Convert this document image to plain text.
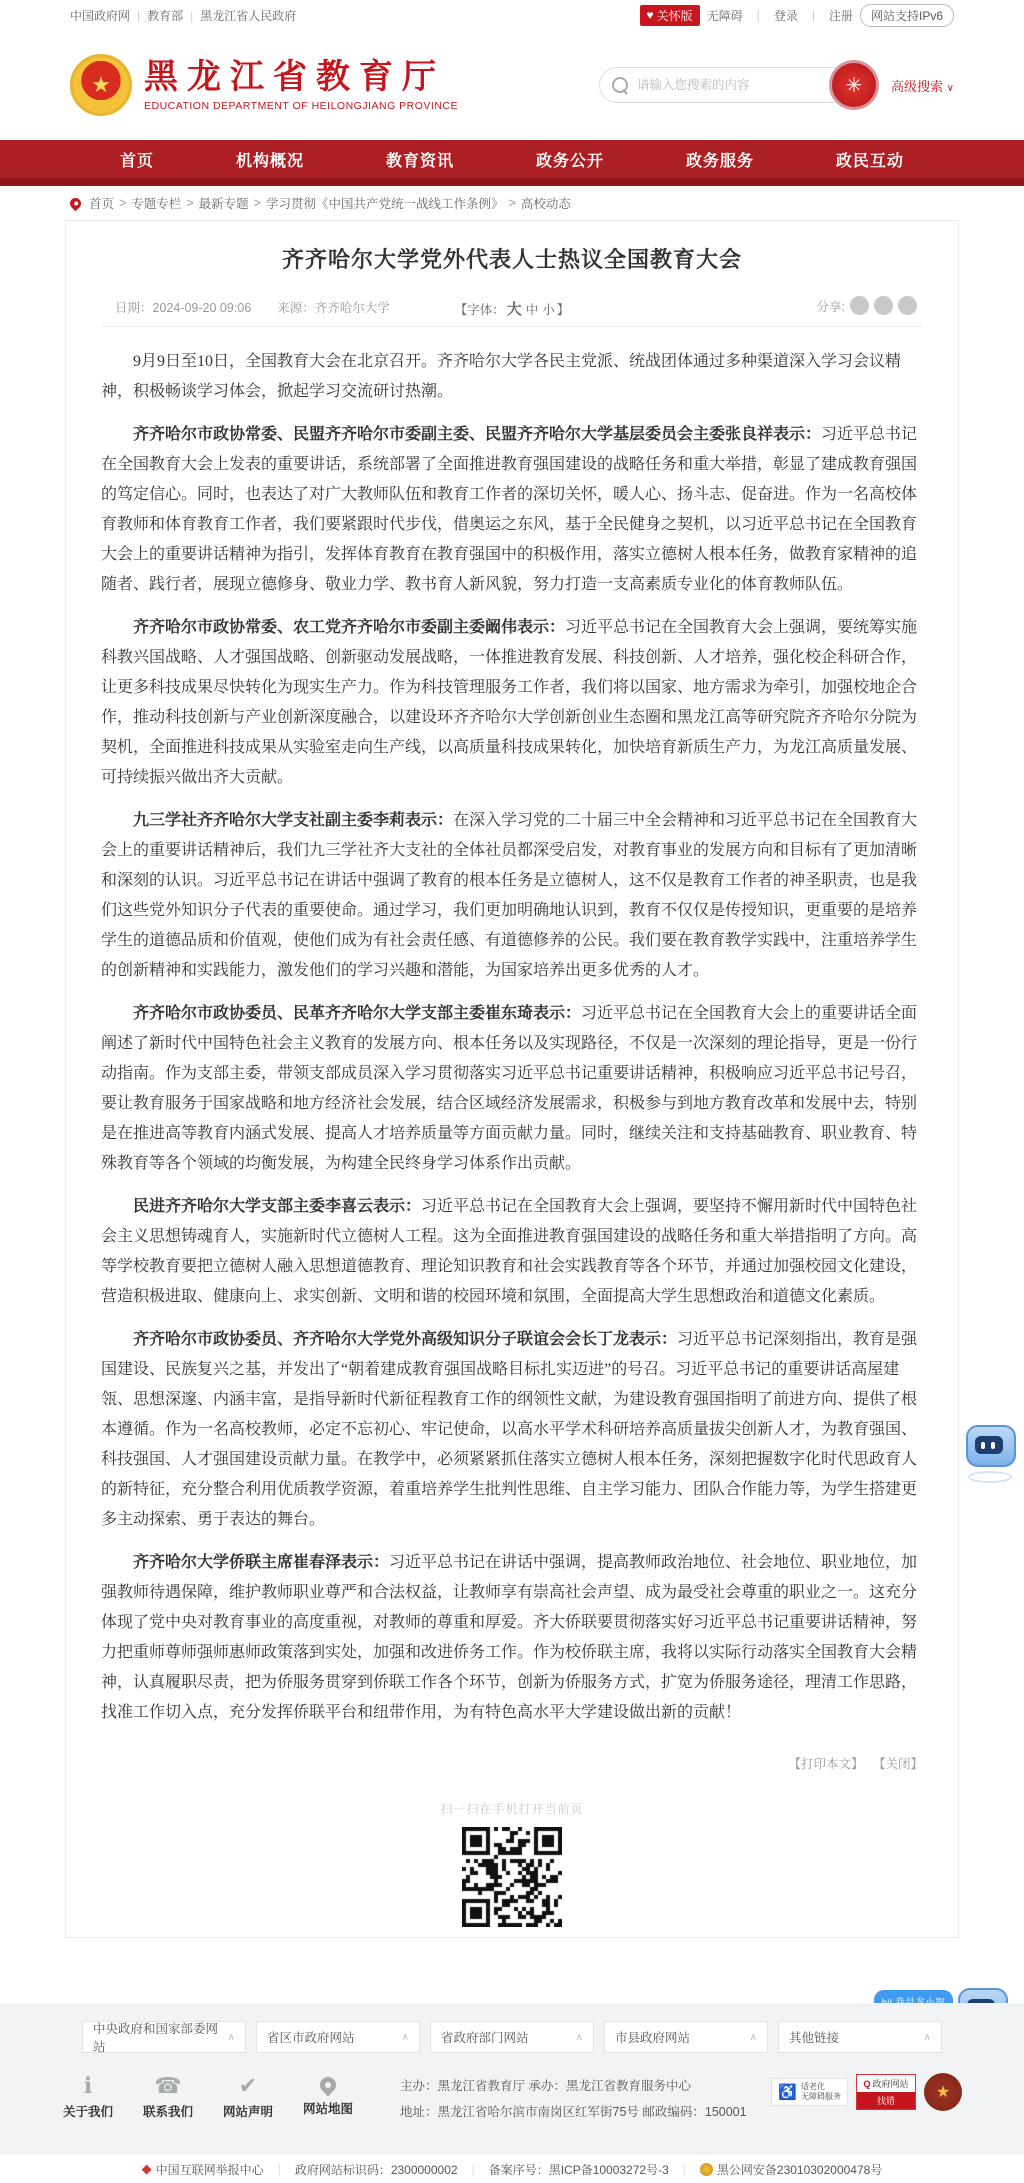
中国政府网 | 教育部 | 黑龙江省人民政府	♥ 关怀版 无障碍 | 登录 | 注册	网站支持IPv6
★ 黑龙江省教育厅
EDUCATION DEPARTMENT OF HEILONGJIANG PROVINCE
请输入您搜索的内容
✳ 高级搜索 ∨
首页	机构概况	教育资讯	政务公开	政务服务	政民互动
首页 > 专题专栏 > 最新专题 > 学习贯彻《中国共产党统一战线工作条例》 > 高校动态
齐齐哈尔大学党外代表人士热议全国教育大会
日期：2024-09-20 09:06 来源：齐齐哈尔大学	【字体： 大 中 小 】	分享:

9月9日至10日，全国教育大会在北京召开。齐齐哈尔大学各民主党派、统战团体通过多种渠道深入学习会议精神，积极畅谈学习体会，掀起学习交流研讨热潮。

齐齐哈尔市政协常委、民盟齐齐哈尔市委副主委、民盟齐齐哈尔大学基层委员会主委张良祥表示：习近平总书记在全国教育大会上发表的重要讲话，系统部署了全面推进教育强国建设的战略任务和重大举措，彰显了建成教育强国的笃定信心。同时，也表达了对广大教师队伍和教育工作者的深切关怀，暖人心、扬斗志、促奋进。作为一名高校体育教师和体育教育工作者，我们要紧跟时代步伐，借奥运之东风，基于全民健身之契机，以习近平总书记在全国教育大会上的重要讲话精神为指引，发挥体育教育在教育强国中的积极作用，落实立德树人根本任务，做教育家精神的追随者、践行者，展现立德修身、敬业力学、教书育人新风貌，努力打造一支高素质专业化的体育教师队伍。

齐齐哈尔市政协常委、农工党齐齐哈尔市委副主委阚伟表示：习近平总书记在全国教育大会上强调，要统筹实施科教兴国战略、人才强国战略、创新驱动发展战略，一体推进教育发展、科技创新、人才培养，强化校企科研合作，让更多科技成果尽快转化为现实生产力。作为科技管理服务工作者，我们将以国家、地方需求为牵引，加强校地企合作，推动科技创新与产业创新深度融合，以建设环齐齐哈尔大学创新创业生态圈和黑龙江高等研究院齐齐哈尔分院为契机，全面推进科技成果从实验室走向生产线，以高质量科技成果转化，加快培育新质生产力，为龙江高质量发展、可持续振兴做出齐大贡献。

九三学社齐齐哈尔大学支社副主委李莉表示：在深入学习党的二十届三中全会精神和习近平总书记在全国教育大会上的重要讲话精神后，我们九三学社齐大支社的全体社员都深受启发，对教育事业的发展方向和目标有了更加清晰和深刻的认识。习近平总书记在讲话中强调了教育的根本任务是立德树人，这不仅是教育工作者的神圣职责，也是我们这些党外知识分子代表的重要使命。通过学习，我们更加明确地认识到，教育不仅仅是传授知识，更重要的是培养学生的道德品质和价值观，使他们成为有社会责任感、有道德修养的公民。我们要在教育教学实践中，注重培养学生的创新精神和实践能力，激发他们的学习兴趣和潜能，为国家培养出更多优秀的人才。

齐齐哈尔市政协委员、民革齐齐哈尔大学支部主委崔东琦表示：习近平总书记在全国教育大会上的重要讲话全面阐述了新时代中国特色社会主义教育的发展方向、根本任务以及实现路径，不仅是一次深刻的理论指导，更是一份行动指南。作为支部主委，带领支部成员深入学习贯彻落实习近平总书记重要讲话精神，积极响应习近平总书记号召，要让教育服务于国家战略和地方经济社会发展，结合区域经济发展需求，积极参与到地方教育改革和发展中去，特别是在推进高等教育内涵式发展、提高人才培养质量等方面贡献力量。同时，继续关注和支持基础教育、职业教育、特殊教育等各个领域的均衡发展，为构建全民终身学习体系作出贡献。

民进齐齐哈尔大学支部主委李喜云表示：习近平总书记在全国教育大会上强调，要坚持不懈用新时代中国特色社会主义思想铸魂育人，实施新时代立德树人工程。这为全面推进教育强国建设的战略任务和重大举措指明了方向。高等学校教育要把立德树人融入思想道德教育、理论知识教育和社会实践教育等各个环节，并通过加强校园文化建设，营造积极进取、健康向上、求实创新、文明和谐的校园环境和氛围，全面提高大学生思想政治和道德文化素质。

齐齐哈尔市政协委员、齐齐哈尔大学党外高级知识分子联谊会会长丁龙表示：习近平总书记深刻指出，教育是强国建设、民族复兴之基，并发出了“朝着建成教育强国战略目标扎实迈进”的号召。习近平总书记的重要讲话高屋建瓴、思想深邃、内涵丰富，是指导新时代新征程教育工作的纲领性文献，为建设教育强国指明了前进方向、提供了根本遵循。作为一名高校教师，必定不忘初心、牢记使命，以高水平学术科研培养高质量拔尖创新人才，为教育强国、科技强国、人才强国建设贡献力量。在教学中，必须紧紧抓住落实立德树人根本任务，深刻把握数字化时代思政育人的新特征，充分整合利用优质教学资源，着重培养学生批判性思维、自主学习能力、团队合作能力等，为学生搭建更多主动探索、勇于表达的舞台。

齐齐哈尔大学侨联主席崔春泽表示：习近平总书记在讲话中强调，提高教师政治地位、社会地位、职业地位，加强教师待遇保障，维护教师职业尊严和合法权益，让教师享有崇高社会声望、成为最受社会尊重的职业之一。这充分体现了党中央对教育事业的高度重视，对教师的尊重和厚爱。齐大侨联要贯彻落实好习近平总书记重要讲话精神，努力把重师尊师强师惠师政策落到实处，加强和改进侨务工作。作为校侨联主席，我将以实际行动落实全国教育大会精神，认真履职尽责，把为侨服务贯穿到侨联工作各个环节，创新为侨服务方式，扩宽为侨服务途径，理清工作思路，找准工作切入点，充分发挥侨联平台和纽带作用，为有特色高水平大学建设做出新的贡献！

【打印本文】 【关闭】
扫一扫在手机打开当前页
中央政府和国家部委网站
∧	省区市政府网站	∧	省政府部门网站	∧	市县政府网站	∧	其他链接	∧
ℹ
关于我们
☎
联系我们
✔
网站声明 网站地图
主办：黑龙江省教育厅 承办：黑龙江省教育服务中心
地址：黑龙江省哈尔滨市南岗区红军街75号 邮政编码：150001
♿ 适老化
无障碍服务
Q 政府网站
找错	★
◆ 中国互联网举报中心 | 政府网站标识码：2300000002 | 备案序号：黑ICP备10003272号-3 |	黑公网安备23010302000478号
